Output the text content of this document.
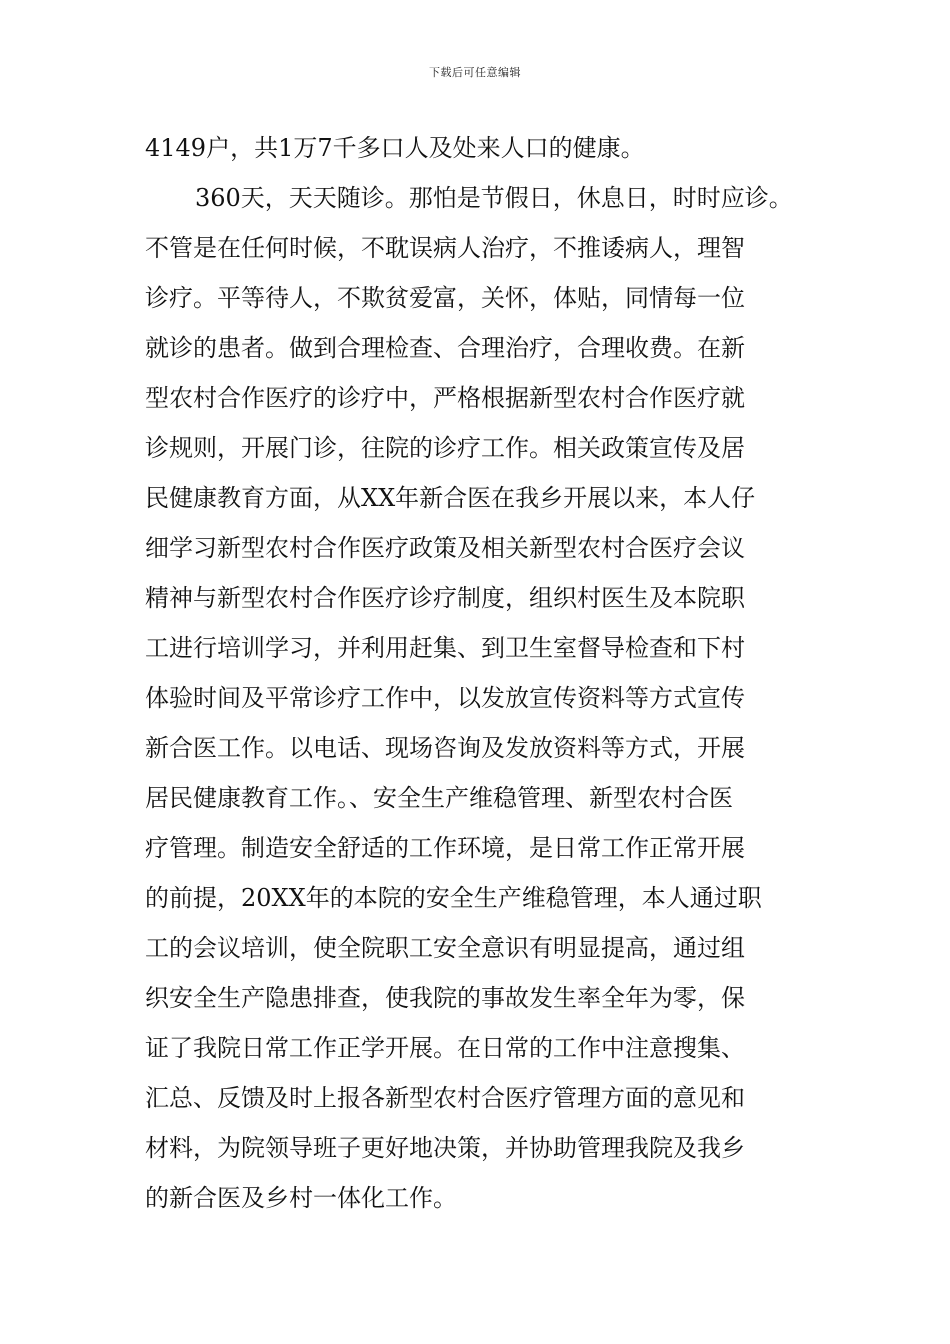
下载后可任意编辑
4149户，共1万7千多口人及处来人口的健康。
360天，天天随诊。那怕是节假日，休息日，时时应诊。
不管是在任何时候，不耽误病人治疗，不推诿病人，理智
诊疗。平等待人，不欺贫爱富，关怀，体贴，同情每一位
就诊的患者。做到合理检查、合理治疗，合理收费。在新
型农村合作医疗的诊疗中，严格根据新型农村合作医疗就
诊规则，开展门诊，往院的诊疗工作。相关政策宣传及居
民健康教育方面，从XX年新合医在我乡开展以来，本人仔
细学习新型农村合作医疗政策及相关新型农村合医疗会议
精神与新型农村合作医疗诊疗制度，组织村医生及本院职
工进行培训学习，并利用赶集、到卫生室督导检查和下村
体验时间及平常诊疗工作中，以发放宣传资料等方式宣传
新合医工作。以电话、现场咨询及发放资料等方式，开展
居民健康教育工作。、安全生产维稳管理、新型农村合医
疗管理。制造安全舒适的工作环境，是日常工作正常开展
的前提，20XX年的本院的安全生产维稳管理，本人通过职
工的会议培训，使全院职工安全意识有明显提高，通过组
织安全生产隐患排查，使我院的事故发生率全年为零，保
证了我院日常工作正学开展。在日常的工作中注意搜集、
汇总、反馈及时上报各新型农村合医疗管理方面的意见和
材料，为院领导班子更好地决策，并协助管理我院及我乡
的新合医及乡村一体化工作。
